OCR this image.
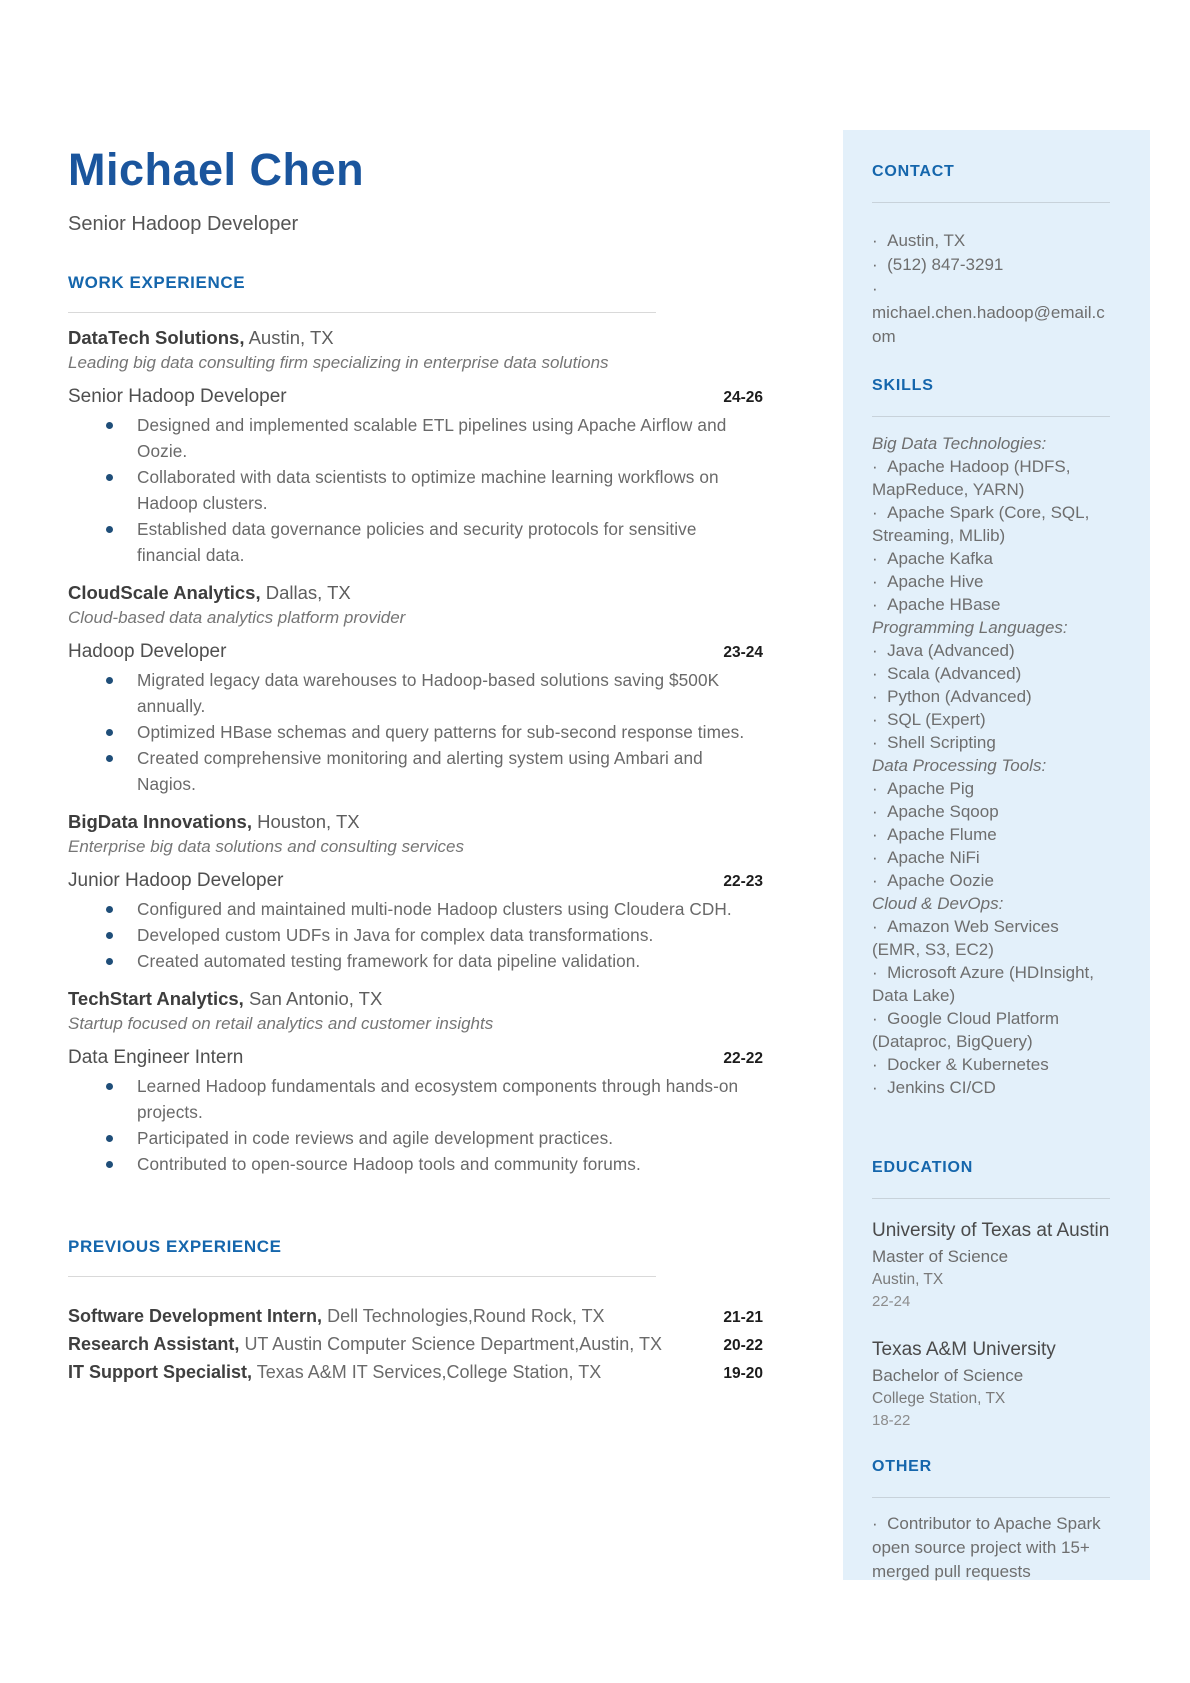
Michael Chen
Senior Hadoop Developer
WORK EXPERIENCE
DataTech Solutions, Austin, TX
Leading big data consulting firm specializing in enterprise data solutions
Senior Hadoop Developer	24-26
Designed and implemented scalable ETL pipelines using Apache Airflow and Oozie.
Collaborated with data scientists to optimize machine learning workflows on Hadoop clusters.
Established data governance policies and security protocols for sensitive financial data.
CloudScale Analytics, Dallas, TX
Cloud-based data analytics platform provider
Hadoop Developer	23-24
Migrated legacy data warehouses to Hadoop-based solutions saving $500K annually.
Optimized HBase schemas and query patterns for sub-second response times.
Created comprehensive monitoring and alerting system using Ambari and Nagios.
BigData Innovations, Houston, TX
Enterprise big data solutions and consulting services
Junior Hadoop Developer	22-23
Configured and maintained multi-node Hadoop clusters using Cloudera CDH.
Developed custom UDFs in Java for complex data transformations.
Created automated testing framework for data pipeline validation.
TechStart Analytics, San Antonio, TX
Startup focused on retail analytics and customer insights
Data Engineer Intern	22-22
Learned Hadoop fundamentals and ecosystem components through hands-on projects.
Participated in code reviews and agile development practices.
Contributed to open-source Hadoop tools and community forums.
PREVIOUS EXPERIENCE
Software Development Intern, Dell Technologies,Round Rock, TX	21-21
Research Assistant, UT Austin Computer Science Department,Austin, TX	20-22
IT Support Specialist, Texas A&M IT Services,College Station, TX	19-20
CONTACT
·  Austin, TX
·  (512) 847-3291
·
michael.chen.hadoop@email.com
SKILLS
Big Data Technologies:
·  Apache Hadoop (HDFS, MapReduce, YARN)
·  Apache Spark (Core, SQL, Streaming, MLlib)
·  Apache Kafka
·  Apache Hive
·  Apache HBase
Programming Languages:
·  Java (Advanced)
·  Scala (Advanced)
·  Python (Advanced)
·  SQL (Expert)
·  Shell Scripting
Data Processing Tools:
·  Apache Pig
·  Apache Sqoop
·  Apache Flume
·  Apache NiFi
·  Apache Oozie
Cloud & DevOps:
·  Amazon Web Services (EMR, S3, EC2)
·  Microsoft Azure (HDInsight, Data Lake)
·  Google Cloud Platform (Dataproc, BigQuery)
·  Docker & Kubernetes
·  Jenkins CI/CD
EDUCATION
University of Texas at Austin
Master of Science
Austin, TX
22-24
Texas A&M University
Bachelor of Science
College Station, TX
18-22
OTHER
·  Contributor to Apache Spark open source project with 15+ merged pull requests
